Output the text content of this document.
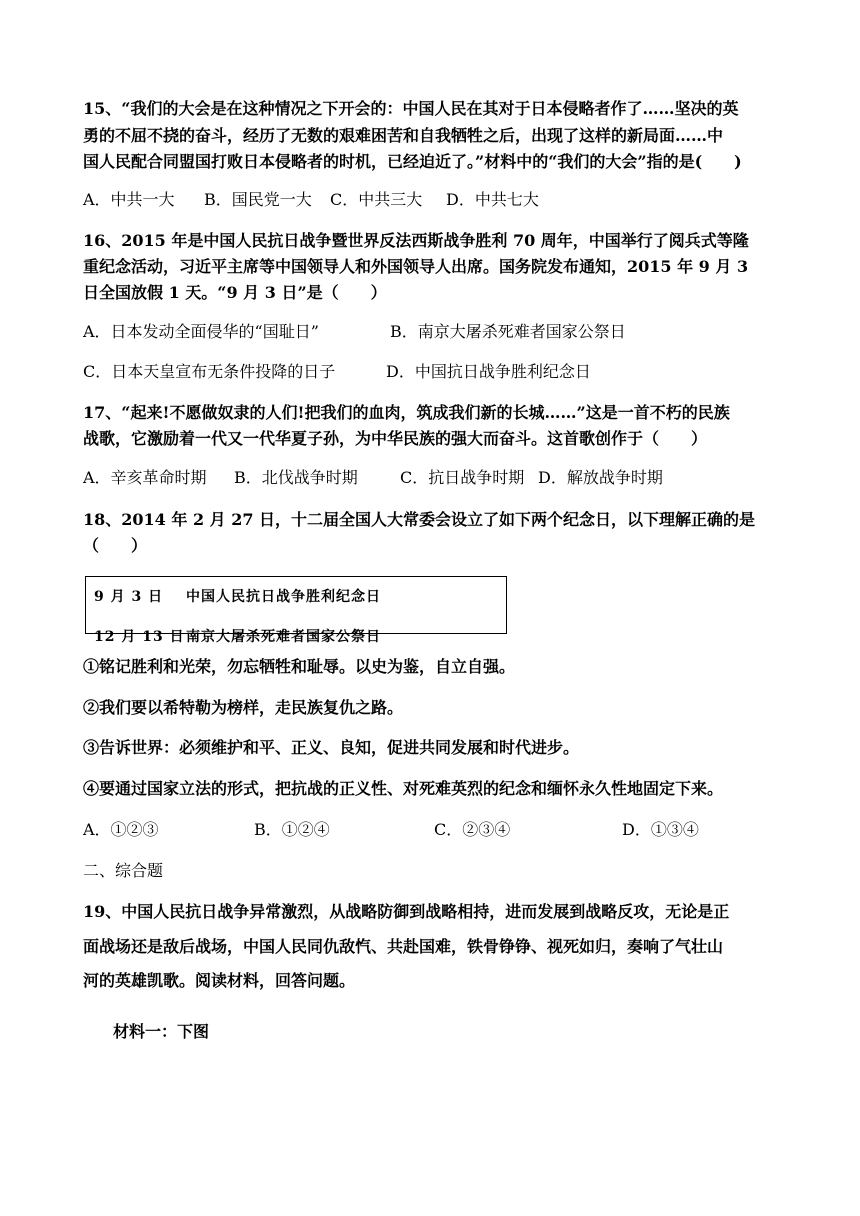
15、“我们的大会是在这种情况之下开会的：中国人民在其对于日本侵略者作了……坚决的英
勇的不屈不挠的奋斗，经历了无数的艰难困苦和自我牺牲之后，出现了这样的新局面……中
国人民配合同盟国打败日本侵略者的时机，已经迫近了。”材料中的“我们的大会”指的是(　　)
A．中共一大 B．国民党一大 C．中共三大 D．中共七大
16、2015 年是中国人民抗日战争暨世界反法西斯战争胜利 70 周年，中国举行了阅兵式等隆
重纪念活动，习近平主席等中国领导人和外国领导人出席。国务院发布通知，2015 年 9 月 3
日全国放假 1 天。“9 月 3 日”是（　　）
A．日本发动全面侵华的“国耻日”	B．南京大屠杀死难者国家公祭日
C．日本天皇宣布无条件投降的日子	D．中国抗日战争胜利纪念日
17、“起来!不愿做奴隶的人们!把我们的血肉，筑成我们新的长城……”这是一首不朽的民族
战歌，它激励着一代又一代华夏子孙，为中华民族的强大而奋斗。这首歌创作于（　　）
A．辛亥革命时期 B．北伐战争时期	C．抗日战争时期 D．解放战争时期
18、2014 年 2 月 27 日，十二届全国人大常委会设立了如下两个纪念日，以下理解正确的是
（　　）
9 月 3 日 中国人民抗日战争胜利纪念日
12 月 13 日南京大屠杀死难者国家公祭日
①铭记胜利和光荣，勿忘牺牲和耻辱。以史为鉴，自立自强。
②我们要以希特勒为榜样，走民族复仇之路。
③告诉世界：必须维护和平、正义、良知，促进共同发展和时代进步。
④要通过国家立法的形式，把抗战的正义性、对死难英烈的纪念和缅怀永久性地固定下来。
A．①②③	B．①②④	C．②③④	D．①③④
二、综合题
19、中国人民抗日战争异常激烈，从战略防御到战略相持，进而发展到战略反攻，无论是正
面战场还是敌后战场，中国人民同仇敌忾、共赴国难，铁骨铮铮、视死如归，奏响了气壮山
河的英雄凯歌。阅读材料，回答问题。
材料一：下图
